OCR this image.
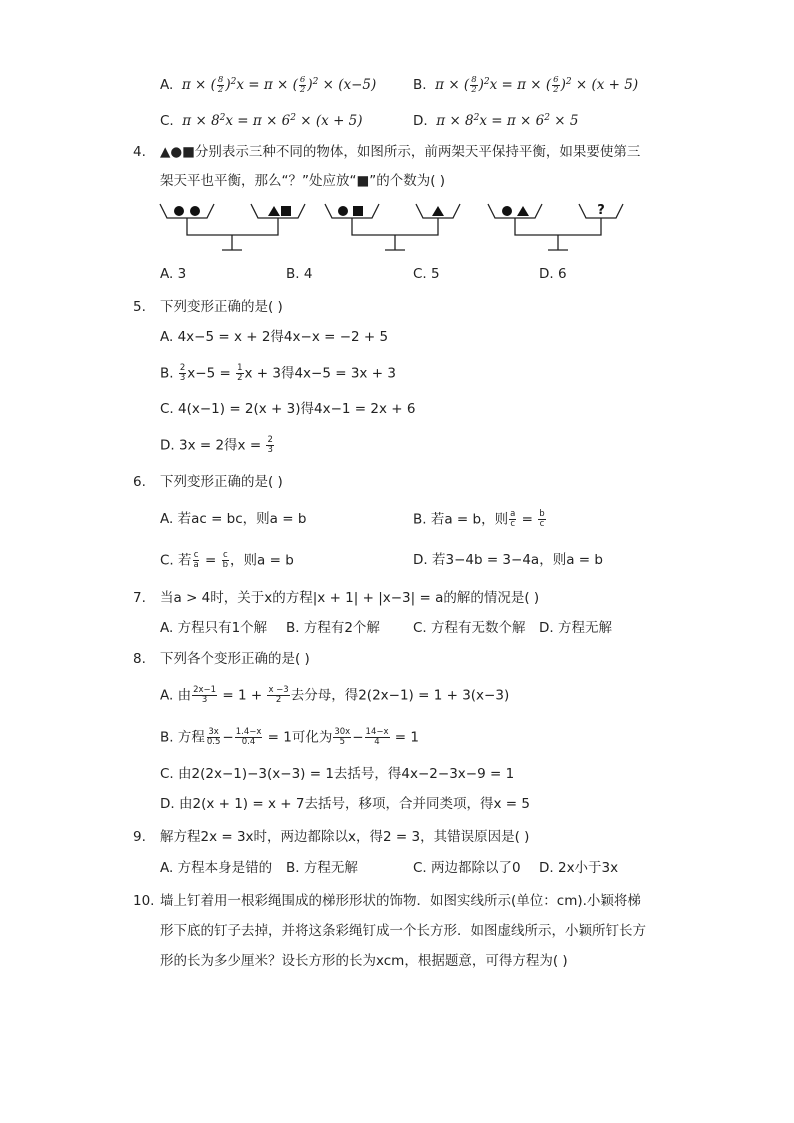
A.  π × ( $\frac{8}{2} )^2x = \pi$ × ( $\frac{6}{2} )^2 \times (x-5)$	B.  π × ( $\frac{8}{2} )^2x = \pi$ × ( $\frac{6}{2} )^2 \times (x + 5)$
C.  $\pi \times 8^2x = \pi \times 6^2 \times (x + 5)$	D.  $\pi \times 8^2x = \pi \times 6^2 \times 5$
4. ▲●■分别表示三种不同的物体，如图所示，前两架天平保持平衡，如果要使第三
架天平也平衡，那么“？”处应放“■”的个数为( )
?
A. 3	B. 4	C. 5	D. 6
5. 下列变形正确的是( )
A. 4x−5 = x + 2得4x−x = −2 + 5
B. $\frac{2}{3} x-5 = \frac{1}{2}$ x + 3得4x−5 = 3x + 3
C. 4(x−1) = 2(x + 3)得4x−1 = 2x + 6
D. 3x = 2得$x = \frac{2}{3}$
6. 下列变形正确的是( )
A. 若ac = bc，则a = b	B. 若a = b，则 $\frac{a}{c} = \frac{b}{c}$
C. 若 $\frac{c}{a} = \frac{c}{b}$ ，则a = b	D. 若3−4b = 3−4a，则a = b
7. 当a > 4时，关于x的方程|x + 1| + |x−3| = a的解的情况是( )
A. 方程只有1个解 B. 方程有2个解 C. 方程有无数个解 D. 方程无解
8. 下列各个变形正确的是( )
A. 由 $\frac{2x-1}{3} = 1 + \frac{x -3}{2}$ 去分母，得2(2x−1) = 1 + 3(x−3)
B. 方程 $\frac{3x}{0.5} - \frac{1.4-x}{0.4} = 1$可化为 $\frac{30x}{5} - \frac{14-x}{4} = 1$
C. 由2(2x−1)−3(x−3) = 1去括号，得4x−2−3x−9 = 1
D. 由2(x + 1) = x + 7去括号，移项，合并同类项，得x = 5
9. 解方程2x = 3x时，两边都除以x，得2 = 3，其错误原因是( )
A. 方程本身是错的 B. 方程无解	C. 两边都除以了0 D. 2x小于3x
10. 墙上钉着用一根彩绳围成的梯形形状的饰物．如图实线所示(单位：cm).小颖将梯
形下底的钉子去掉，并将这条彩绳钉成一个长方形．如图虚线所示，小颖所钉长方
形的长为多少厘米？设长方形的长为xcm，根据题意，可得方程为( )
